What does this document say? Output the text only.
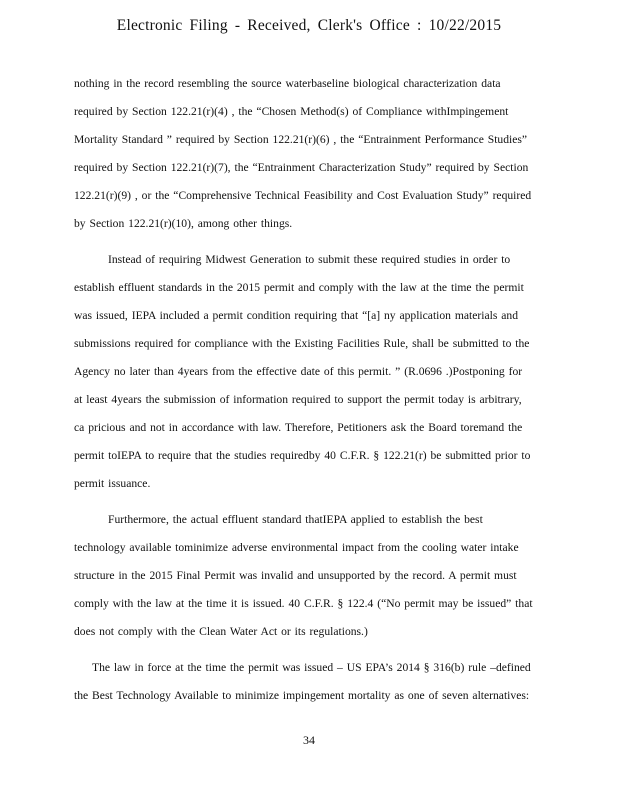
Electronic Filing - Received, Clerk's Office : 10/22/2015
nothing in the record resembling the source waterbaseline biological characterization data
required by Section 122.21(r)(4) , the “Chosen Method(s) of Compliance withImpingement
Mortality Standard ” required by Section 122.21(r)(6) , the “Entrainment Performance Studies”
required by Section 122.21(r)(7), the “Entrainment Characterization Study” required by Section
122.21(r)(9) , or the “Comprehensive Technical Feasibility and Cost Evaluation Study” required
by Section 122.21(r)(10), among other things.
Instead of requiring Midwest Generation to submit these required studies in order to
establish effluent standards in the 2015 permit and comply with the law at the time the permit
was issued, IEPA included a permit condition requiring that “[a] ny application materials and
submissions required for compliance with the Existing Facilities Rule, shall be submitted to the
Agency no later than 4years from the effective date of this permit. ” (R.0696 .)Postponing for
at least 4years the submission of information required to support the permit today is arbitrary,
ca pricious and not in accordance with law. Therefore, Petitioners ask the Board toremand the
permit toIEPA to require that the studies requiredby 40 C.F.R. § 122.21(r) be submitted prior to
permit issuance.
Furthermore, the actual effluent standard thatIEPA applied to establish the best
technology available tominimize adverse environmental impact from the cooling water intake
structure in the 2015 Final Permit was invalid and unsupported by the record. A permit must
comply with the law at the time it is issued. 40 C.F.R. § 122.4 (“No permit may be issued” that
does not comply with the Clean Water Act or its regulations.)
The law in force at the time the permit was issued – US EPA’s 2014 § 316(b) rule –defined
the Best Technology Available to minimize impingement mortality as one of seven alternatives:
34
